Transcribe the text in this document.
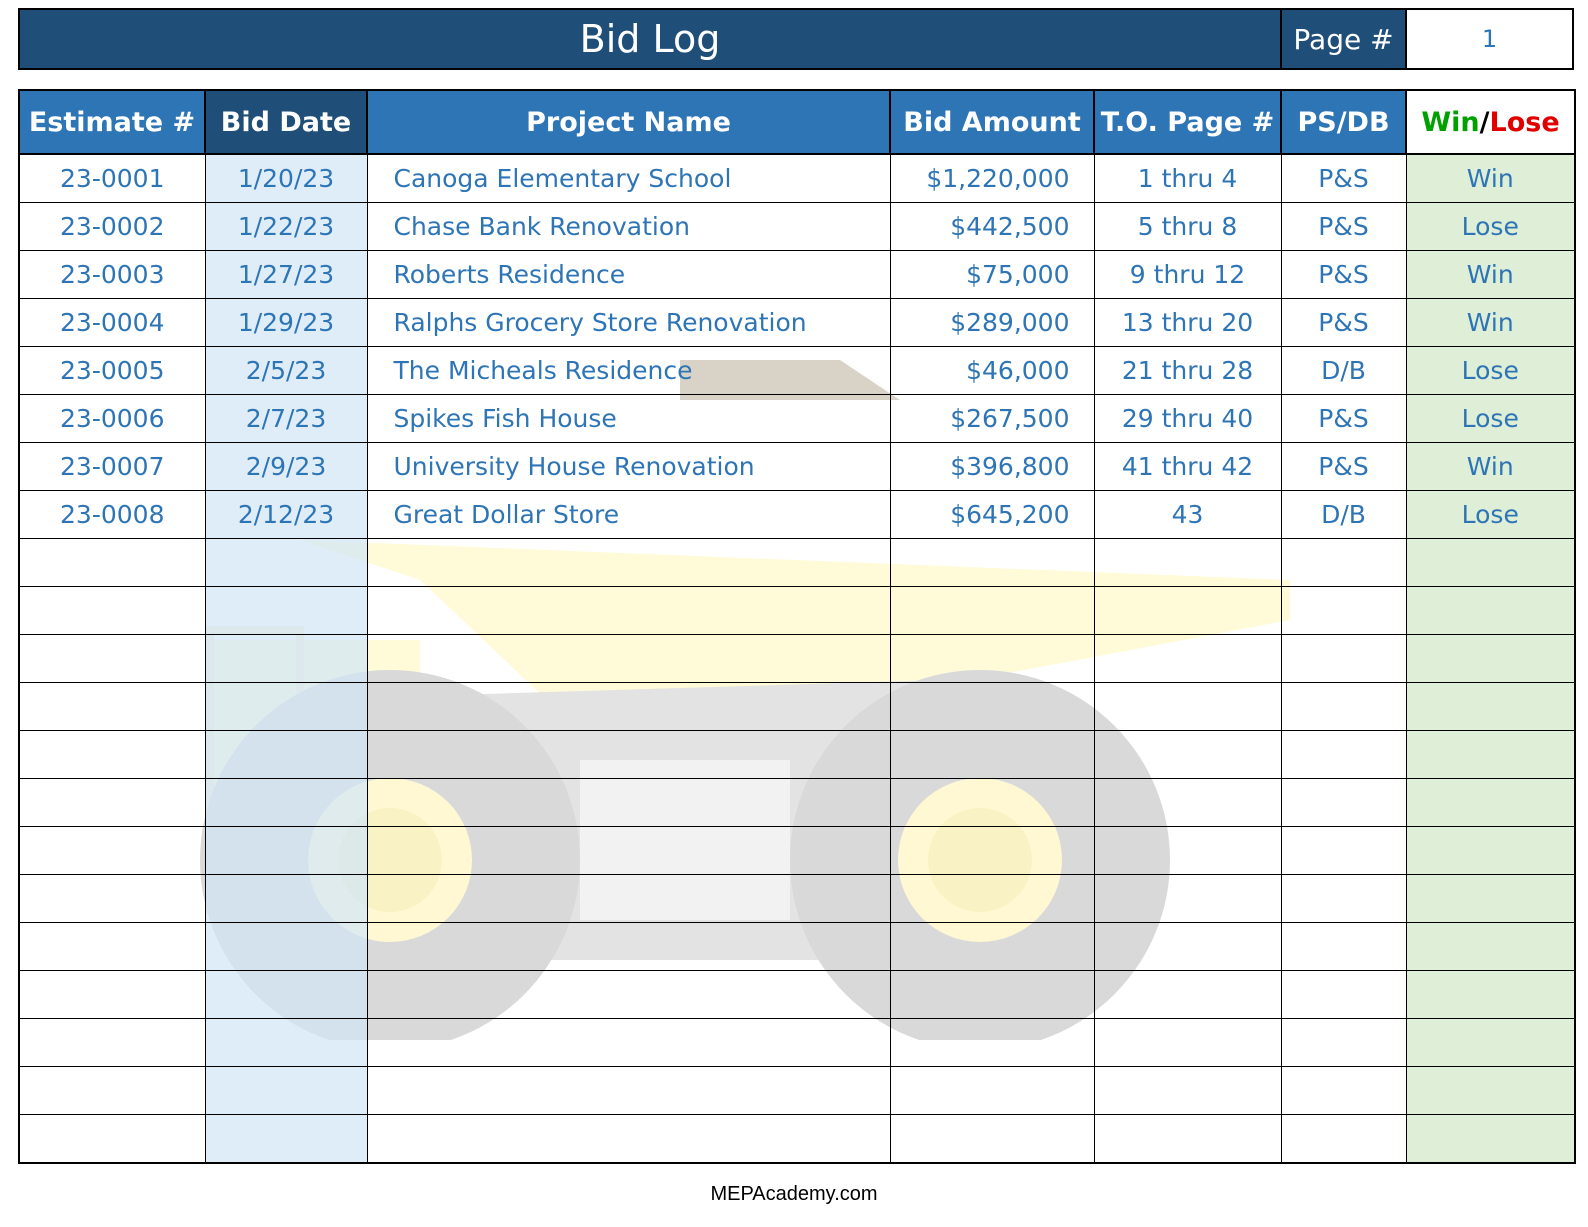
Bid Log	Page #	1
Estimate #	Bid Date	Project Name	Bid Amount	T.O. Page #	PS/DB	Win/Lose
23-0001	1/20/23	Canoga Elementary School	$1,220,000	1 thru 4	P&S	Win
23-0002	1/22/23	Chase Bank Renovation	$442,500	5 thru 8	P&S	Lose
23-0003	1/27/23	Roberts Residence	$75,000	9 thru 12	P&S	Win
23-0004	1/29/23	Ralphs Grocery Store Renovation	$289,000	13 thru 20	P&S	Win
23-0005	2/5/23	The Micheals Residence	$46,000	21 thru 28	D/B	Lose
23-0006	2/7/23	Spikes Fish House	$267,500	29 thru 40	P&S	Lose
23-0007	2/9/23	University House Renovation	$396,800	41 thru 42	P&S	Win
23-0008	2/12/23	Great Dollar Store	$645,200	43	D/B	Lose

MEPAcademy.com
